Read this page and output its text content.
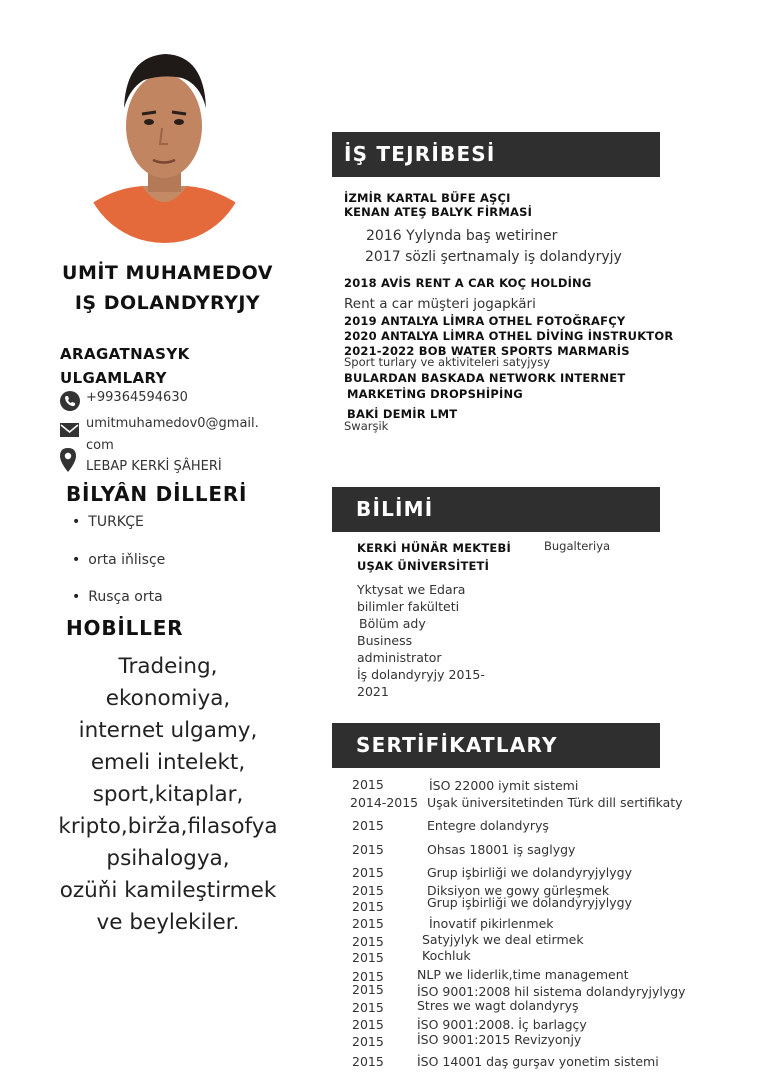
UMİT MUHAMEDOV
IŞ DOLANDYRYJY
ARAGATNASYK
ULGAMLARY
+99364594630
umitmuhamedov0@gmail.
com
LEBAP KERKİ ŞÂHERİ
BİLYÂN DİLLERİ
• TURKÇE
• orta iňlisçe
• Rusça orta
HOBİLLER
Tradeing,
ekonomiya,
internet ulgamy,
emeli intelekt,
sport,kitaplar,
kripto,birža,filasofya
psihalogya,
ozüňi kamileştirmek
ve beylekiler.
İŞ TEJRİBESİ
İZMİR KARTAL BÜFE AŞÇI
KENAN ATEŞ BALYK FİRMASİ
2016 Yylynda baş wetiriner
2017 sözli şertnamaly iş dolandyryjy
2018 AVİS RENT A CAR KOÇ HOLDİNG
Rent a car müşteri jogapkäri
2019 ANTALYA LİMRA OTHEL FOTOĞRAFÇY
2020 ANTALYA LİMRA OTHEL DİVİNG İNSTRUKTOR
2021-2022 BOB WATER SPORTS MARMARİS
Sport turlary ve aktiviteleri satyjysy
BULARDAN BASKADA NETWORK INTERNET
MARKETİNG DROPSHİPİNG
BAKİ DEMİR LMT
Swarşik
BİLİMİ
KERKİ HÜNÄR MEKTEBİ	Bugalteriya
UŞAK ÜNİVERSİTETİ
Yktysat we Edara
bilimler fakülteti
Bölüm ady
Business
administrator
İş dolandyryjy 2015-
2021
SERTİFİKATLARY
2015	İSO 22000 iymit sistemi
2014-2015 Uşak üniversitetinden Türk dill sertifikaty
2015	Entegre dolandyryş
2015	Ohsas 18001 iş saglygy
2015	Grup işbirliği we dolandyryjylygy
2015	Diksiyon we gowy gürleşmek
2015	Grup işbirliği we dolandyryjylygy
2015	İnovatif pikirlenmek
2015	Satyjylyk we deal etirmek
2015	Kochluk
2015	NLP we liderlik,time management
2015	İSO 9001:2008 hil sistema dolandyryjylygy
2015	Stres we wagt dolandyryş
2015	İSO 9001:2008. İç barlagçy
2015	İSO 9001:2015 Revizyonjy
2015	İSO 14001 daş gurşav yonetim sistemi
